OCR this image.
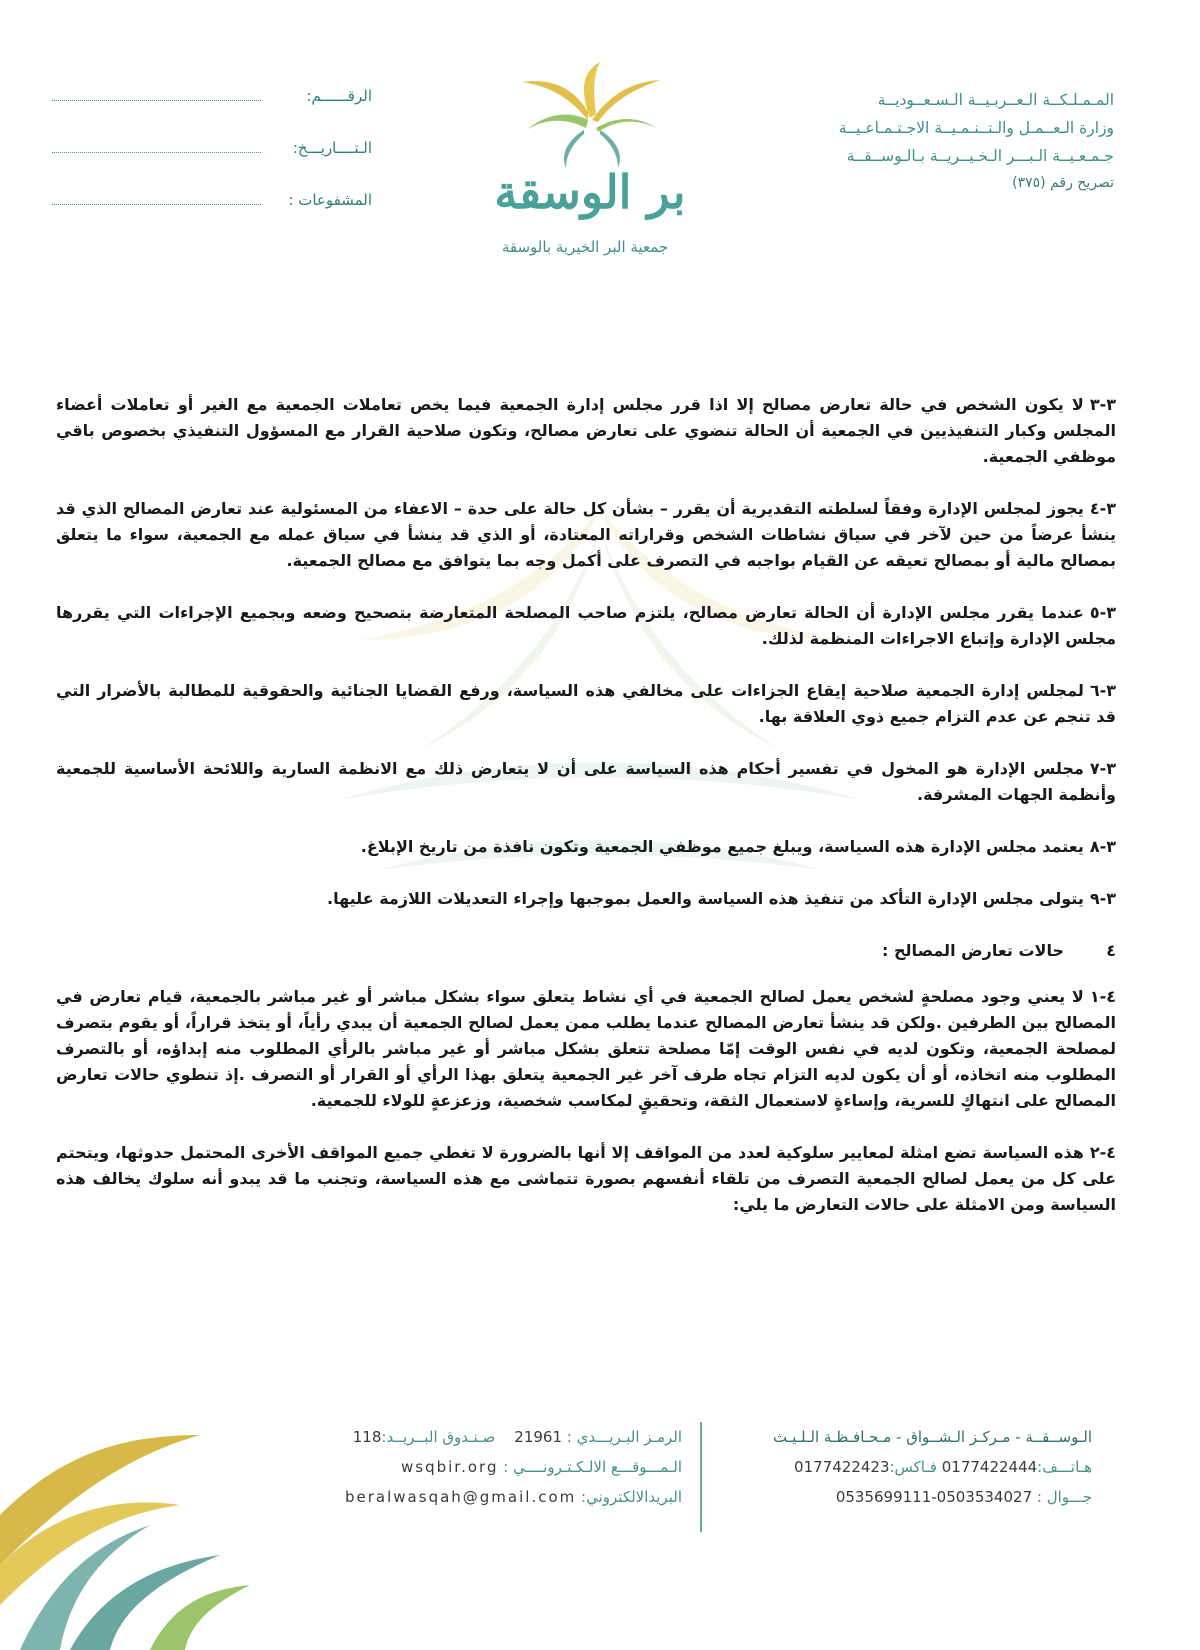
المـمـلـكــة الـعــربـيــة الـسـعــوديــة
وزارة الـعــمـل والـتــنـمـيــة الاجـتـمـاعـيــة
جـمـعـيــة الـبـــر الـخـيــريــة بـالـوســقــة
تصريح رقم (٣٧٥)
بر الوسقة
جمعية البر الخيرية بالوسقة
الرقــــــم:
الـتــــاريـــخ:
المشفوعات :

٣-٣لا يكون الشخص في حالة تعارض مصالح إلا اذا قرر مجلس إدارة الجمعية فيما يخص تعاملات الجمعية مع الغير أو تعاملات أعضاء المجلس وكبار التنفيذيين في الجمعية أن الحالة تنضوي على تعارض مصالح، وتكون صلاحية القرار مع المسؤول التنفيذي بخصوص باقي موظفي الجمعية.

٣-٤يجوز لمجلس الإدارة وفقاً لسلطته التقديرية أن يقرر – بشأن كل حالة على حدة – الاعفاء من المسئولية عند تعارض المصالح الذي قد ينشأ عرضاً من حين لآخر في سياق نشاطات الشخص وقراراته المعتادة، أو الذي قد ينشأ في سياق عمله مع الجمعية، سواء ما يتعلق بمصالح مالية أو بمصالح تعيقه عن القيام بواجبه في التصرف على أكمل وجه بما يتوافق مع مصالح الجمعية.

٣-٥عندما يقرر مجلس الإدارة أن الحالة تعارض مصالح، يلتزم صاحب المصلحة المتعارضة بتصحيح وضعه وبجميع الإجراءات التي يقررها مجلس الإدارة وإتباع الاجراءات المنظمة لذلك.

٣-٦لمجلس إدارة الجمعية صلاحية إيقاع الجزاءات على مخالفي هذه السياسة، ورفع القضايا الجنائية والحقوقية للمطالبة بالأضرار التي قد تنجم عن عدم التزام جميع ذوي العلاقة بها.

٣-٧مجلس الإدارة هو المخول في تفسير أحكام هذه السياسة على أن لا يتعارض ذلك مع الانظمة السارية واللائحة الأساسية للجمعية وأنظمة الجهات المشرفة.

٣-٨يعتمد مجلس الإدارة هذه السياسة، ويبلغ جميع موظفي الجمعية وتكون نافذة من تاريخ الإبلاغ.

٣-٩يتولى مجلس الإدارة التأكد من تنفيذ هذه السياسة والعمل بموجبها وإجراء التعديلات اللازمة عليها.

٤حالات تعارض المصالح :

٤-١لا يعني وجود مصلحةٍ لشخص يعمل لصالح الجمعية في أي نشاط يتعلق سواء بشكل مباشر أو غير مباشر بالجمعية، قيام تعارض في المصالح بين الطرفين .ولكن قد ينشأ تعارض المصالح عندما يطلب ممن يعمل لصالح الجمعية أن يبدي رأياً، أو يتخذ قراراً، أو يقوم بتصرف لمصلحة الجمعية، وتكون لديه في نفس الوقت إمّا مصلحة تتعلق بشكل مباشر أو غير مباشر بالرأي المطلوب منه إبداؤه، أو بالتصرف المطلوب منه اتخاذه، أو أن يكون لديه التزام تجاه طرف آخر غير الجمعية يتعلق بهذا الرأي أو القرار أو التصرف .إذ تنطوي حالات تعارض المصالح على انتهاكٍ للسرية، وإساءةٍ لاستعمال الثقة، وتحقيقٍ لمكاسب شخصية، وزعزعةٍ للولاء للجمعية.

٤-٢هذه السياسة تضع امثلة لمعايير سلوكية لعدد من المواقف إلا أنها بالضرورة لا تغطي جميع المواقف الأخرى المحتمل حدوثها، ويتحتم على كل من يعمل لصالح الجمعية التصرف من تلقاء أنفسهم بصورة تتماشى مع هذه السياسة، وتجنب ما قد يبدو أنه سلوك يخالف هذه السياسة ومن الامثلة على حالات التعارض ما يلي:

الـوســقــة - مـركـز الـشــواق - مـحـافـظـة الـلـيـث
هـاتـــف:0177422444 فـاكس:0177422423
جـــوال : 0535699111-0503534027
الرمـز البـريـــدي : 21961    صـنـدوق البــريــد:118
الـمـــوقـــع الالـكـتـرونــــي : wsqbir.org
البريدالالكتروني: beralwasqah@gmail.com
